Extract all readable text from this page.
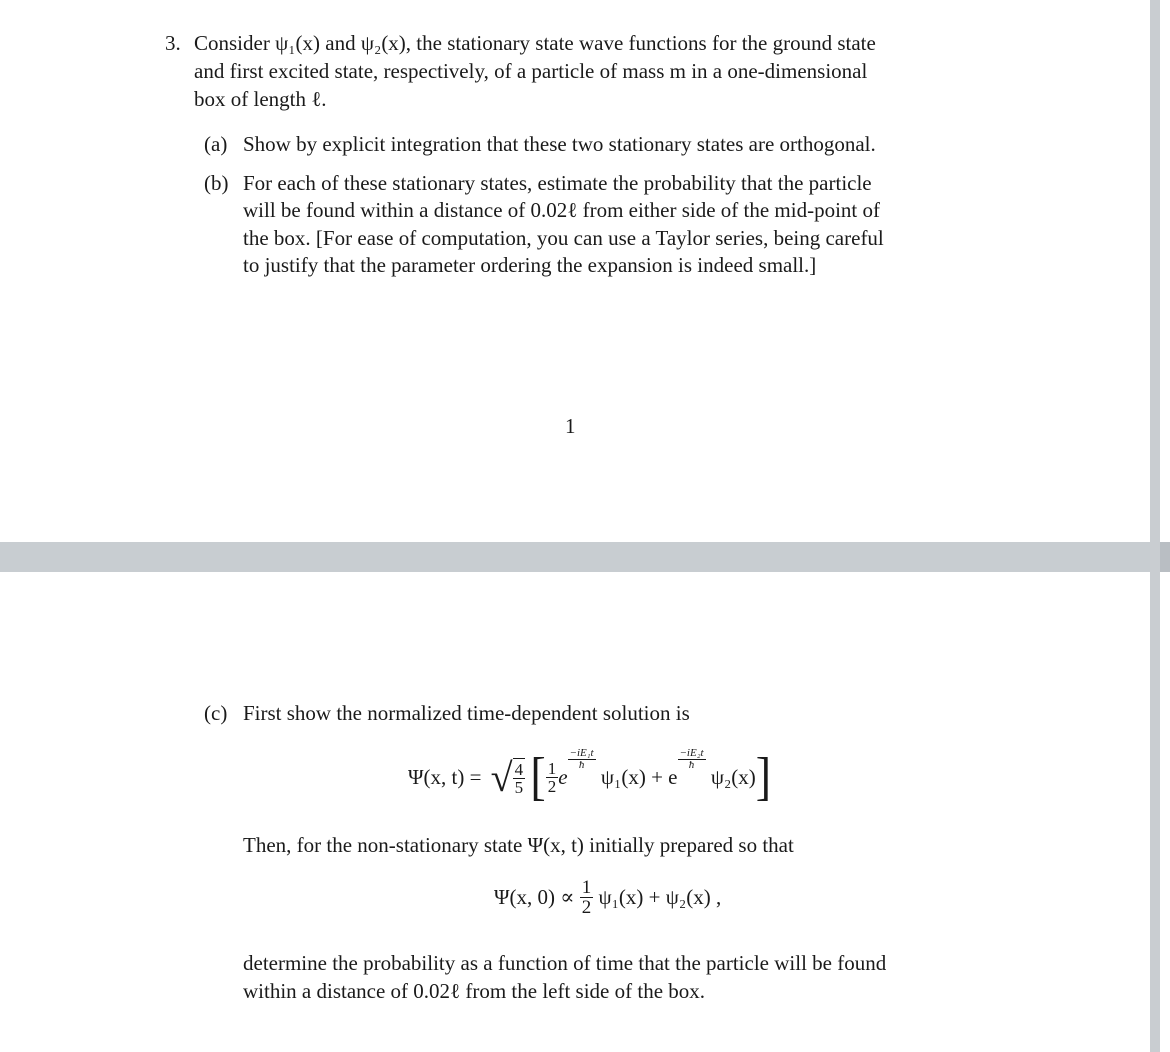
3. Consider ψ₁(x) and ψ₂(x), the stationary state wave functions for the ground state
and first excited state, respectively, of a particle of mass m in a one-dimensional
box of length ℓ.
(a) Show by explicit integration that these two stationary states are orthogonal.
(b) For each of these stationary states, estimate the probability that the particle
will be found within a distance of 0.02ℓ from either side of the mid-point of
the box. [For ease of computation, you can use a Taylor series, being careful
to justify that the parameter ordering the expansion is indeed small.]
1
(c) First show the normalized time-dependent solution is
Ψ(x, t) = √ $\frac{4}{5}$ [ $\frac{1}{2}$ e
$\frac{\text{−iE₁t}}{ħ}$
ψ₁(x) + e
$\frac{\text{−iE₂t}}{ħ}$
ψ₂(x)]
Then, for the non-stationary state Ψ(x, t) initially prepared so that
Ψ(x, $0) \propto \frac{1}{2} \psi_1(x) + \psi_2(x)$ ,
determine the probability as a function of time that the particle will be found
within a distance of 0.02ℓ from the left side of the box.
